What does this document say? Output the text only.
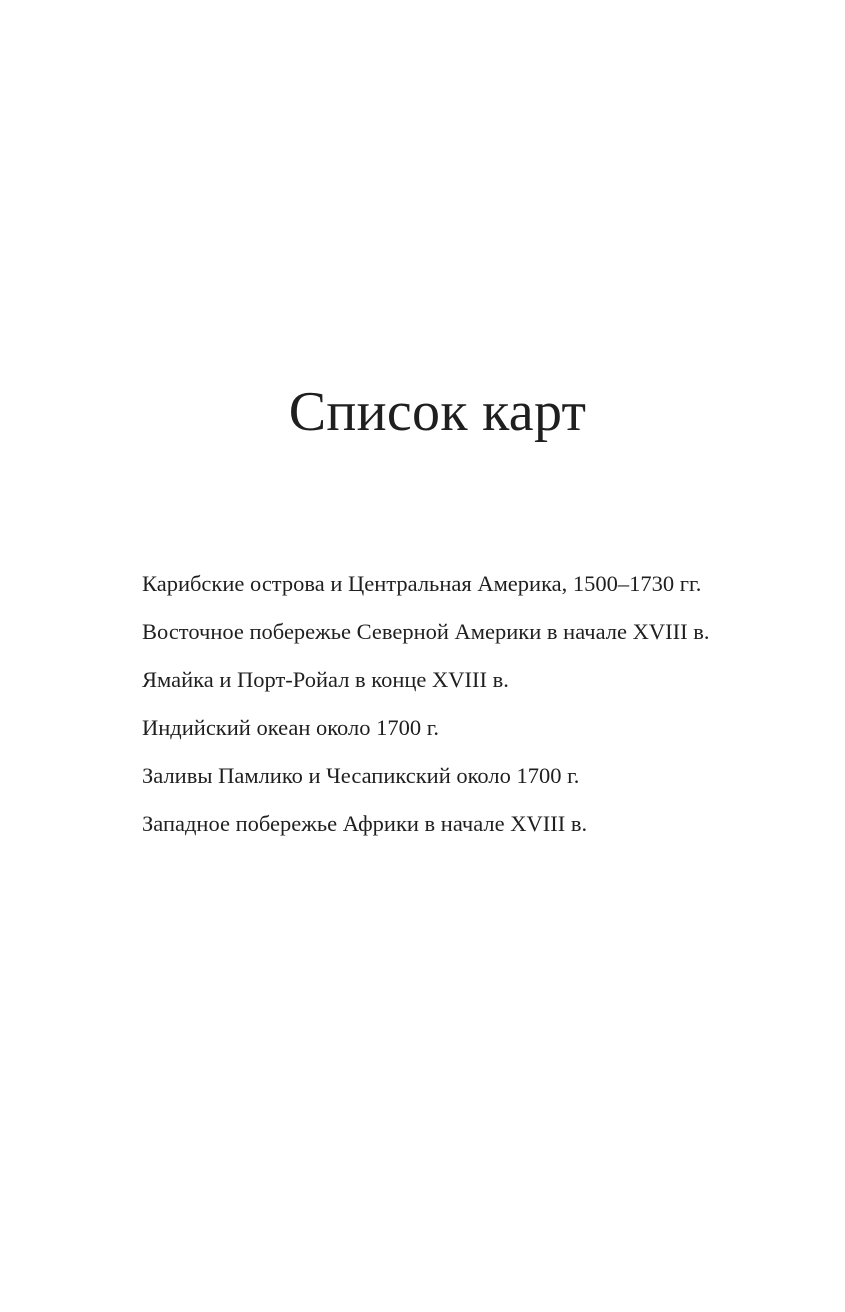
Список карт
Карибские острова и Центральная Америка, 1500–1730 гг.
Восточное побережье Северной Америки в начале XVIII в.
Ямайка и Порт-Ройал в конце XVIII в.
Индийский океан около 1700 г.
Заливы Памлико и Чесапикский около 1700 г.
Западное побережье Африки в начале XVIII в.
